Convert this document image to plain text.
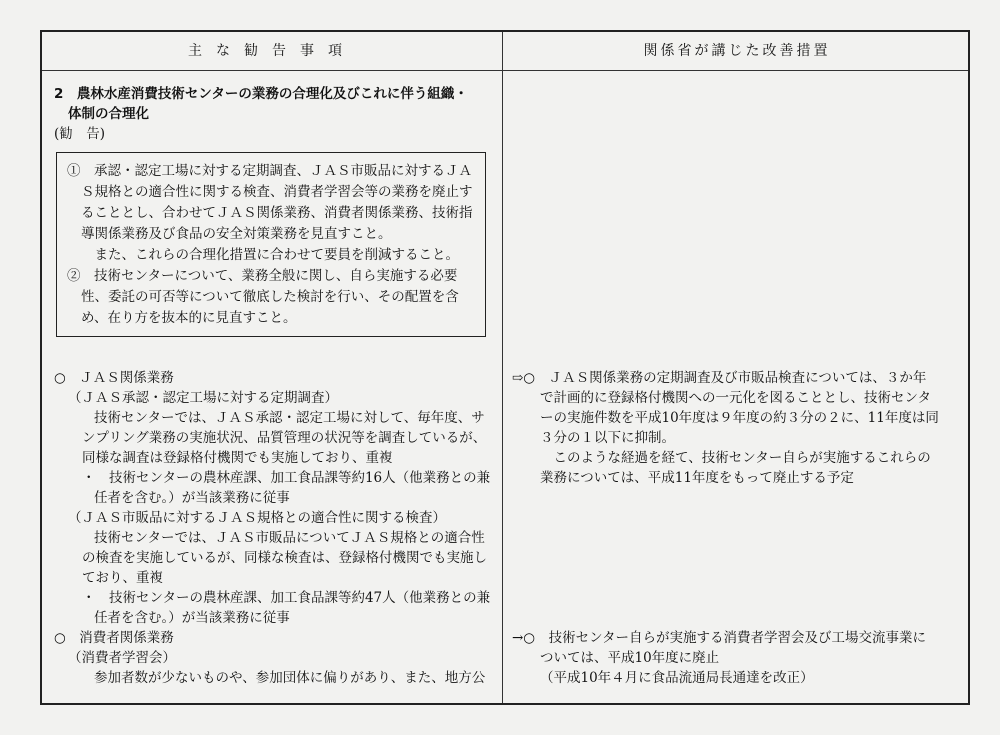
主な勧告事項	関係省が講じた改善措置
2　農林水産消費技術センターの業務の合理化及びこれに伴う組織・
体制の合理化
(勧　告)
①　承認・認定工場に対する定期調査、ＪＡＳ市販品に対するＪＡ
Ｓ規格との適合性に関する検査、消費者学習会等の業務を廃止す
ることとし、合わせてＪＡＳ関係業務、消費者関係業務、技術指
導関係業務及び食品の安全対策業務を見直すこと。
　また、これらの合理化措置に合わせて要員を削減すること。
②　技術センターについて、業務全般に関し、自ら実施する必要
性、委託の可否等について徹底した検討を行い、その配置を含
め、在り方を抜本的に見直すこと。
○　ＪＡＳ関係業務
（ＪＡＳ承認・認定工場に対する定期調査）
技術センターでは、ＪＡＳ承認・認定工場に対して、毎年度、サ
ンプリング業務の実施状況、品質管理の状況等を調査しているが、
同様な調査は登録格付機関でも実施しており、重複
・　技術センターの農林産課、加工食品課等約16人（他業務との兼
任者を含む。）が当該業務に従事
（ＪＡＳ市販品に対するＪＡＳ規格との適合性に関する検査）
技術センターでは、ＪＡＳ市販品についてＪＡＳ規格との適合性
の検査を実施しているが、同様な検査は、登録格付機関でも実施し
ており、重複
・　技術センターの農林産課、加工食品課等約47人（他業務との兼
任者を含む。）が当該業務に従事
○　消費者関係業務
（消費者学習会）
参加者数が少ないものや、参加団体に偏りがあり、また、地方公
⇨○　ＪＡＳ関係業務の定期調査及び市販品検査については、３か年
で計画的に登録格付機関への一元化を図ることとし、技術センタ
ーの実施件数を平成10年度は９年度の約３分の２に、11年度は同
３分の１以下に抑制。
　このような経過を経て、技術センター自らが実施するこれらの
業務については、平成11年度をもって廃止する予定
→○　技術センター自らが実施する消費者学習会及び工場交流事業に
ついては、平成10年度に廃止
（平成10年４月に食品流通局長通達を改正）
